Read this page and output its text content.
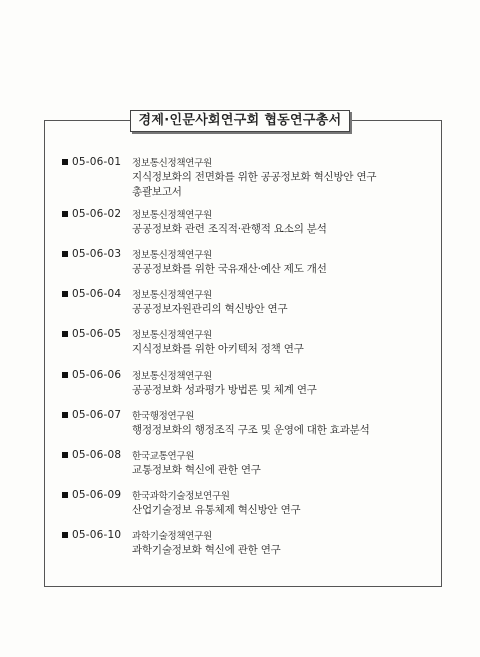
경제·인문사회연구회 협동연구총서
05-06-01	정보통신정책연구원
지식정보화의 전면화를 위한 공공정보화 혁신방안 연구
총괄보고서
05-06-02	정보통신정책연구원
공공정보화 관련 조직적·관행적 요소의 분석
05-06-03	정보통신정책연구원
공공정보화를 위한 국유재산·예산 제도 개선
05-06-04	정보통신정책연구원
공공정보자원관리의 혁신방안 연구
05-06-05	정보통신정책연구원
지식정보화를 위한 아키텍처 정책 연구
05-06-06	정보통신정책연구원
공공정보화 성과평가 방법론 및 체계 연구
05-06-07	한국행정연구원
행정정보화의 행정조직 구조 및 운영에 대한 효과분석
05-06-08	한국교통연구원
교통정보화 혁신에 관한 연구
05-06-09	한국과학기술정보연구원
산업기술정보 유통체제 혁신방안 연구
05-06-10	과학기술정책연구원
과학기술정보화 혁신에 관한 연구
